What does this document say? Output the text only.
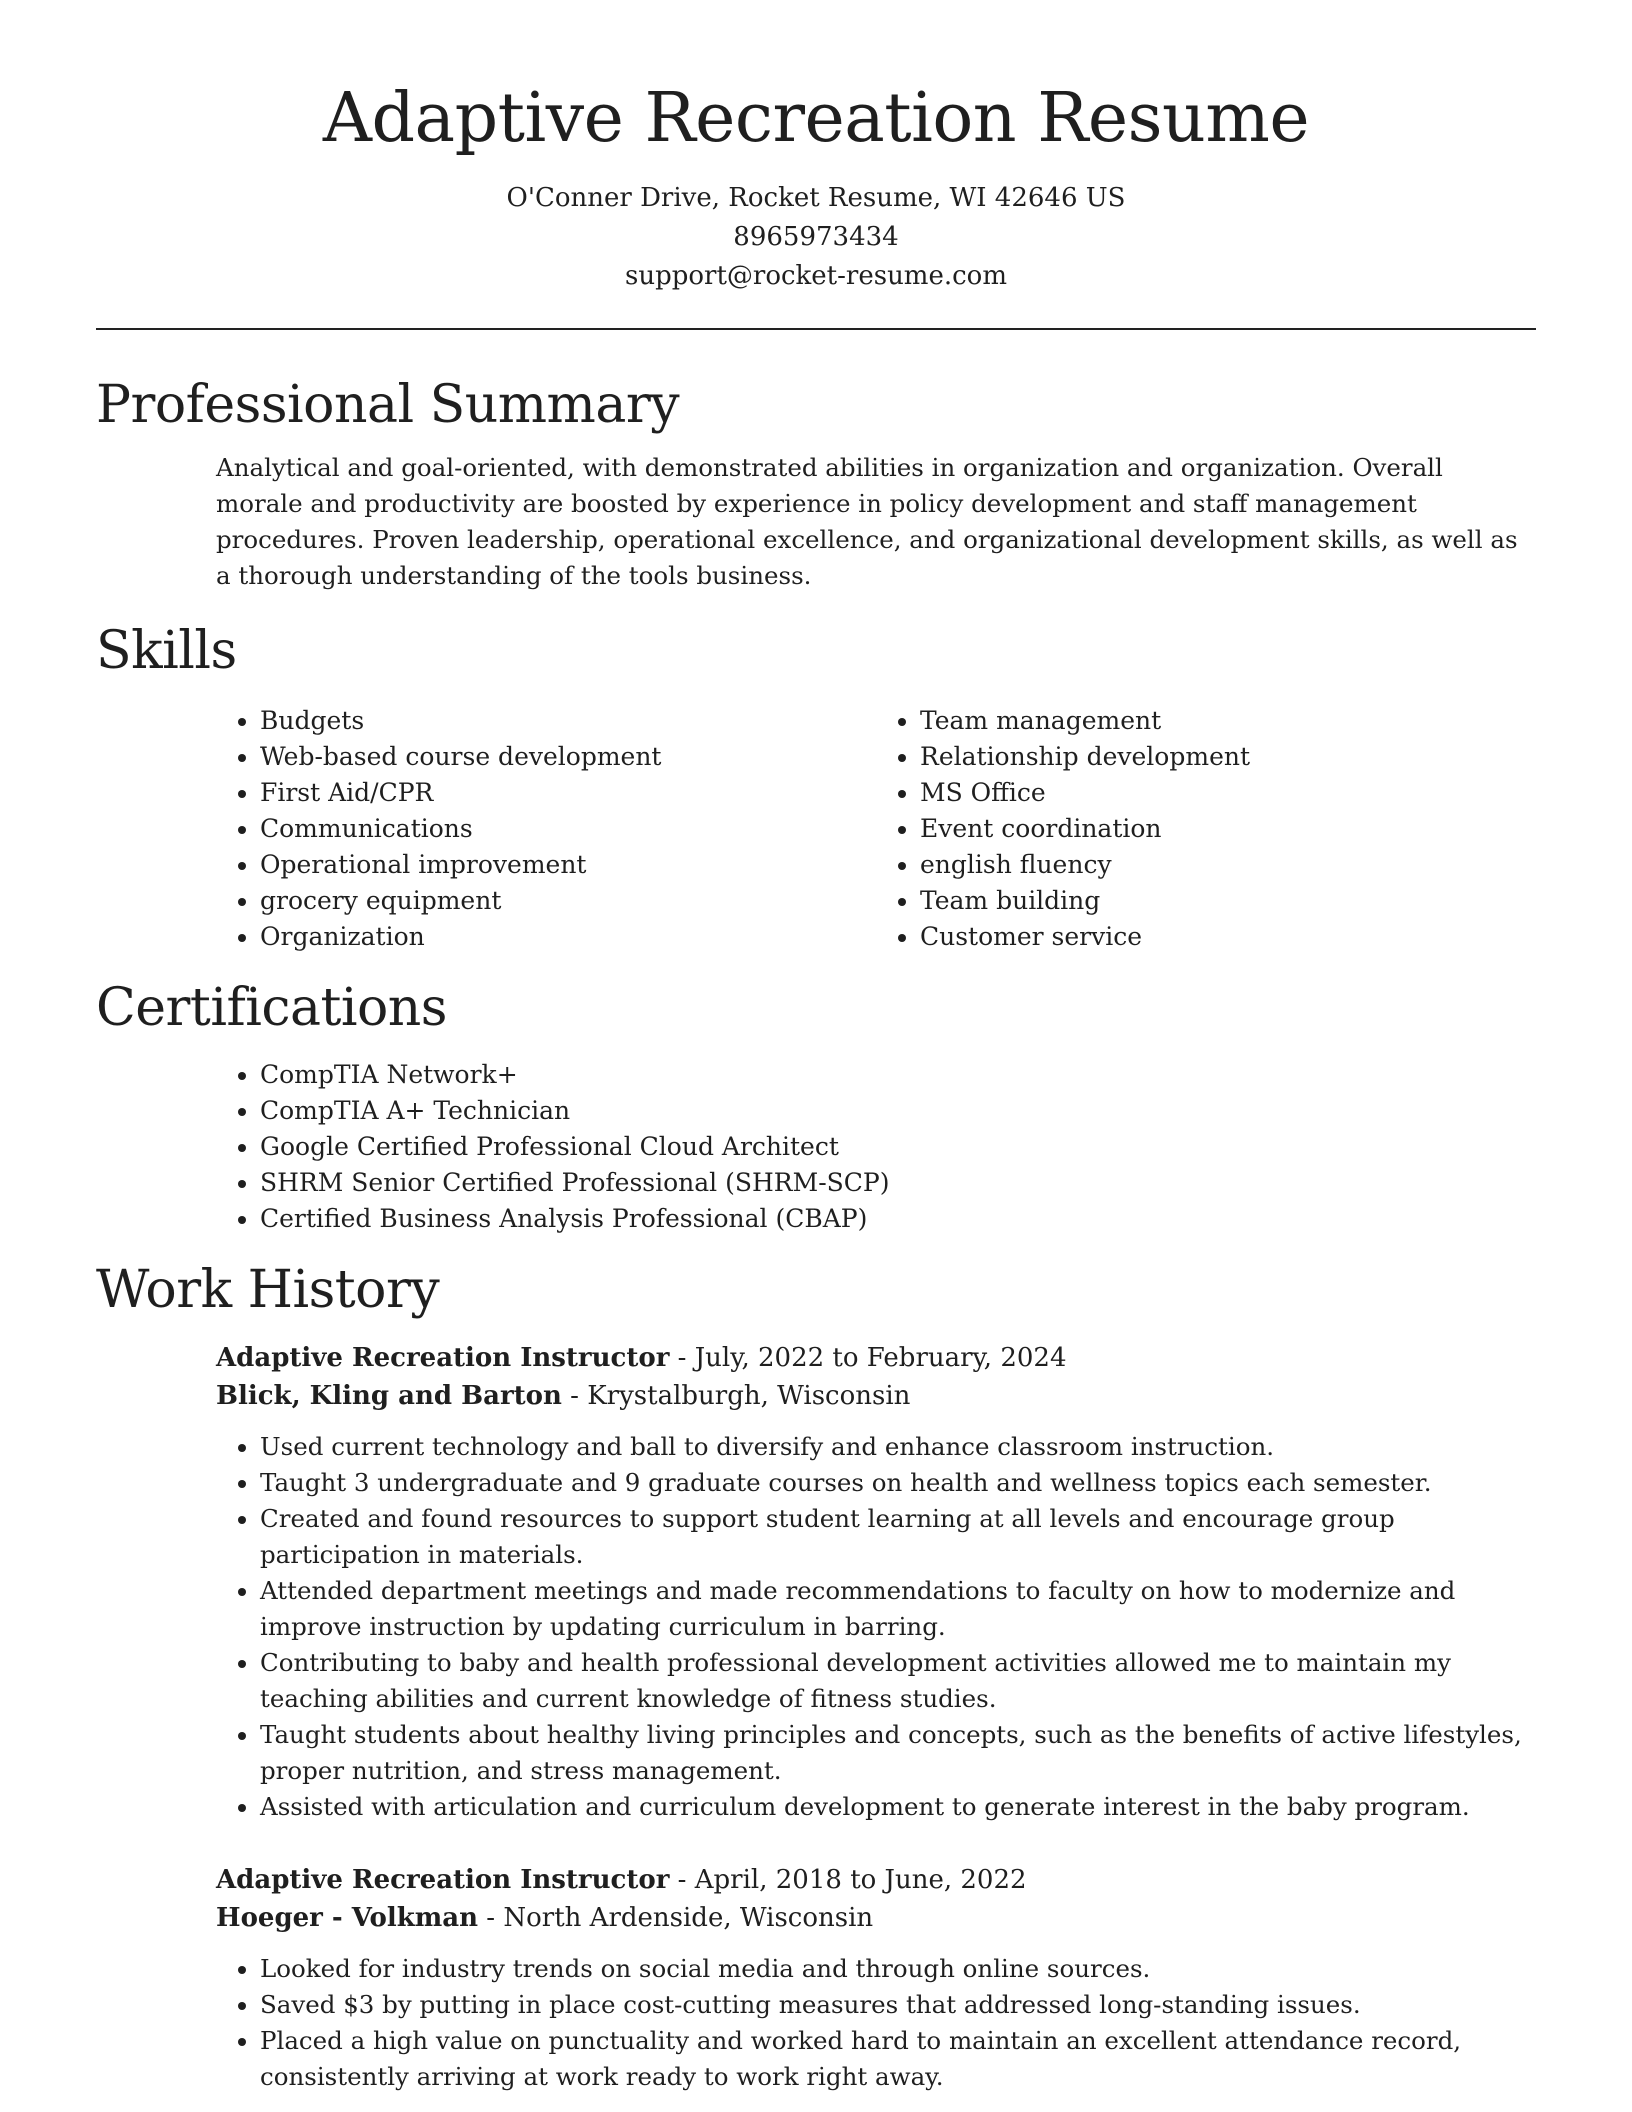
Adaptive Recreation Resume
O'Conner Drive, Rocket Resume, WI 42646 US
8965973434
support@rocket-resume.com
Professional Summary

Analytical and goal-oriented, with demonstrated abilities in organization and organization. Overall morale and productivity are boosted by experience in policy development and staff management procedures. Proven leadership, operational excellence, and organizational development skills, as well as a thorough understanding of the tools business.

Skills
• Budgets
• Web-based course development
• First Aid/CPR
• Communications
• Operational improvement
• grocery equipment
• Organization
• Team management
• Relationship development
• MS Office
• Event coordination
• english fluency
• Team building
• Customer service
Certifications
• CompTIA Network+
• CompTIA A+ Technician
• Google Certified Professional Cloud Architect
• SHRM Senior Certified Professional (SHRM-SCP)
• Certified Business Analysis Professional (CBAP)
Work History
Adaptive Recreation Instructor - July, 2022 to February, 2024
Blick, Kling and Barton - Krystalburgh, Wisconsin
• Used current technology and ball to diversify and enhance classroom instruction.
• Taught 3 undergraduate and 9 graduate courses on health and wellness topics each semester.
• Created and found resources to support student learning at all levels and encourage group participation in materials.
• Attended department meetings and made recommendations to faculty on how to modernize and improve instruction by updating curriculum in barring.
• Contributing to baby and health professional development activities allowed me to maintain my teaching abilities and current knowledge of fitness studies.
• Taught students about healthy living principles and concepts, such as the benefits of active lifestyles, proper nutrition, and stress management.
• Assisted with articulation and curriculum development to generate interest in the baby program.
Adaptive Recreation Instructor - April, 2018 to June, 2022
Hoeger - Volkman - North Ardenside, Wisconsin
• Looked for industry trends on social media and through online sources.
• Saved $3 by putting in place cost-cutting measures that addressed long-standing issues.
• Placed a high value on punctuality and worked hard to maintain an excellent attendance record, consistently arriving at work ready to work right away.
